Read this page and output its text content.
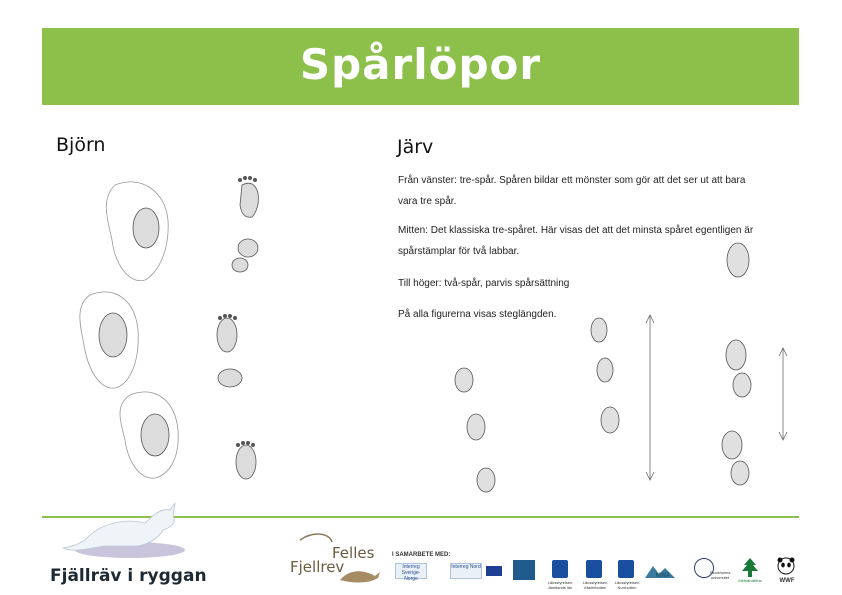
Spårlöpor
Björn	Järv

Från vänster: tre-spår. Spåren bildar ett mönster som gör att det ser ut att bara vara tre spår.

Mitten: Det klassiska tre-spåret. Här visas det att det minsta spåret egentligen är spårstämplar för två labbar.

Till höger: två-spår, parvis spårsättning

På alla figurerna visas steglängden.

Fjällräv i ryggan
Felles
Fjellrev
I SAMARBETE MED:
Interreg Sverige-Norge
Interreg Nord
Länsstyrelsen Jämtlands län
Länsstyrelsen Västerbotten
Länsstyrelsen Norrbotten
NINA
Stockholms universitet
Metsähallitus	WWF
